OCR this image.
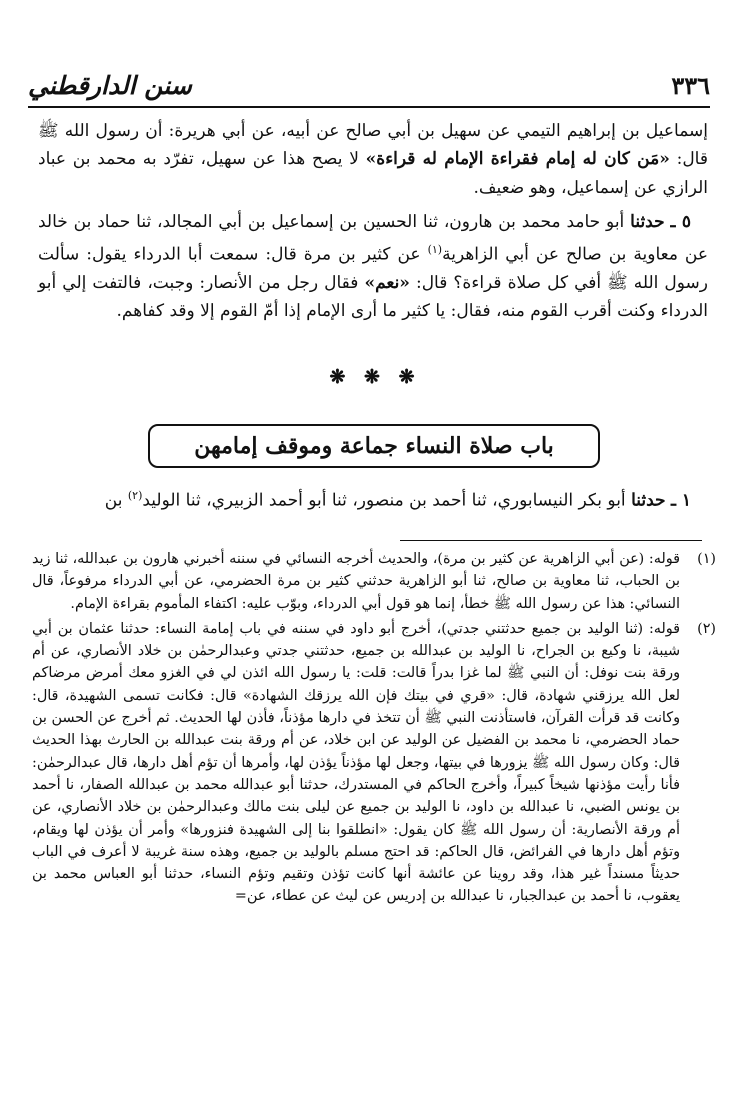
سنن الدارقطني	٣٣٦

إسماعيل بن إبراهيم التيمي عن سهيل بن أبي صالح عن أبيه، عن أبي هريرة: أن رسول الله ﷺ قال: «مَن كان له إمام فقراءة الإمام له قراءة» لا يصح هذا عن سهيل، تفرّد به محمد بن عباد الرازي عن إسماعيل، وهو ضعيف.

 ٥ ـ حدثنا أبو حامد محمد بن هارون، ثنا الحسين بن إسماعيل بن أبي المجالد، ثنا حماد بن خالد عن معاوية بن صالح عن أبي الزاهرية$^{(١)}$ عن كثير بن مرة قال: سمعت أبا الدرداء يقول: سألت رسول الله ﷺ أفي كل صلاة قراءة؟ قال: «نعم» فقال رجل من الأنصار: وجبت، فالتفت إلي أبو الدرداء وكنت أقرب القوم منه، فقال: يا كثير ما أرى الإمام إذا أمّ القوم إلا وقد كفاهم.

❋ ❋ ❋
باب صلاة النساء جماعة وموقف إمامهن

 ١ ـ حدثنا أبو بكر النيسابوري، ثنا أحمد بن منصور، ثنا أبو أحمد الزبيري، ثنا الوليد$^{(٢)}$ بن

(١)
قوله: (عن أبي الزاهرية عن كثير بن مرة)، والحديث أخرجه النسائي في سننه أخبرني هارون بن عبدالله، ثنا زيد بن الحباب، ثنا معاوية بن صالح، ثنا أبو الزاهرية حدثني كثير بن مرة الحضرمي، عن أبي الدرداء مرفوعاً، قال النسائي: هذا عن رسول الله ﷺ خطأ، إنما هو قول أبي الدرداء، وبوّب عليه: اكتفاء المأموم بقراءة الإمام.
(٢)
قوله: (ثنا الوليد بن جميع حدثتني جدتي)، أخرج أبو داود في سننه في باب إمامة النساء: حدثنا عثمان بن أبي شيبة، نا وكيع بن الجراح، نا الوليد بن عبدالله بن جميع، حدثتني جدتي وعبدالرحمٰن بن خلاد الأنصاري، عن أم ورقة بنت نوفل: أن النبي ﷺ لما غزا بدراً قالت: قلت: يا رسول الله ائذن لي في الغزو معك أمرض مرضاكم لعل الله يرزقني شهادة، قال: «قري في بيتك فإن الله يرزقك الشهادة» قال: فكانت تسمى الشهيدة، قال: وكانت قد قرأت القرآن، فاستأذنت النبي ﷺ أن تتخذ في دارها مؤذناً، فأذن لها الحديث. ثم أخرج عن الحسن بن حماد الحضرمي، نا محمد بن الفضيل عن الوليد عن ابن خلاد، عن أم ورقة بنت عبدالله بن الحارث بهذا الحديث قال: وكان رسول الله ﷺ يزورها في بيتها، وجعل لها مؤذناً يؤذن لها، وأمرها أن تؤم أهل دارها، قال عبدالرحمٰن: فأنا رأيت مؤذنها شيخاً كبيراً، وأخرج الحاكم في المستدرك، حدثنا أبو عبدالله محمد بن عبدالله الصفار، نا أحمد بن يونس الضبي، نا عبدالله بن داود، نا الوليد بن جميع عن ليلى بنت مالك وعبدالرحمٰن بن خلاد الأنصاري، عن أم ورقة الأنصارية: أن رسول الله ﷺ كان يقول: «انطلقوا بنا إلى الشهيدة فنزورها» وأمر أن يؤذن لها ويقام، وتؤم أهل دارها في الفرائض، قال الحاكم: قد احتج مسلم بالوليد بن جميع، وهذه سنة غريبة لا أعرف في الباب حديثاً مسنداً غير هذا، وقد روينا عن عائشة أنها كانت تؤذن وتقيم وتؤم النساء، حدثنا أبو العباس محمد بن يعقوب، نا أحمد بن عبدالجبار، نا عبدالله بن إدريس عن ليث عن عطاء، عن=
